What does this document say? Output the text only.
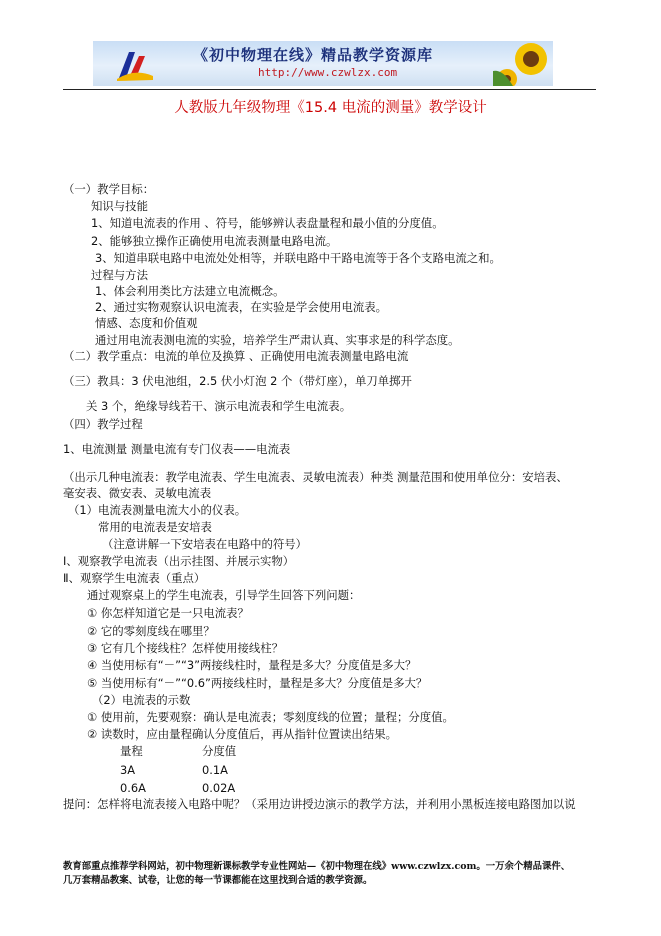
《初中物理在线》精品教学资源库
http://www.czwlzx.com
人教版九年级物理《15.4 电流的测量》教学设计
（一）教学目标：
知识与技能
1、知道电流表的作用 、符号，能够辨认表盘量程和最小值的分度值。
2、能够独立操作正确使用电流表测量电路电流。
3、知道串联电路中电流处处相等，并联电路中干路电流等于各个支路电流之和。
过程与方法
1、体会利用类比方法建立电流概念。
2、通过实物观察认识电流表，在实验是学会使用电流表。
情感、态度和价值观
通过用电流表测电流的实验，培养学生严肃认真、实事求是的科学态度。
（二）教学重点：电流的单位及换算 、正确使用电流表测量电路电流
（三）教具：3 伏电池组，2.5 伏小灯泡 2 个（带灯座），单刀单掷开
关 3 个，绝缘导线若干、演示电流表和学生电流表。
（四）教学过程
1、电流测量 测量电流有专门仪表——电流表
（出示几种电流表：教学电流表、学生电流表、灵敏电流表）种类 测量范围和使用单位分：安培表、
毫安表、微安表、灵敏电流表
（1）电流表测量电流大小的仪表。
常用的电流表是安培表
（注意讲解一下安培表在电路中的符号）
Ⅰ、观察教学电流表（出示挂图、并展示实物）
Ⅱ、观察学生电流表（重点）
通过观察桌上的学生电流表，引导学生回答下列问题：
① 你怎样知道它是一只电流表？
② 它的零刻度线在哪里？
③ 它有几个接线柱？怎样使用接线柱？
④ 当使用标有“－”“3”两接线柱时，量程是多大？分度值是多大？
⑤ 当使用标有“－”“0.6”两接线柱时，量程是多大？分度值是多大？
（2）电流表的示数
① 使用前，先要观察：确认是电流表；零刻度线的位置；量程；分度值。
② 读数时，应由量程确认分度值后，再从指针位置读出结果。
量程	分度值
3A	0.1A
0.6A	0.02A
提问：怎样将电流表接入电路中呢？（采用边讲授边演示的教学方法，并利用小黑板连接电路图加以说
教育部重点推荐学科网站，初中物理新课标教学专业性网站—《初中物理在线》www.czwlzx.com。一万余个精品课件、
几万套精品教案、试卷，让您的每一节课都能在这里找到合适的教学资源。
